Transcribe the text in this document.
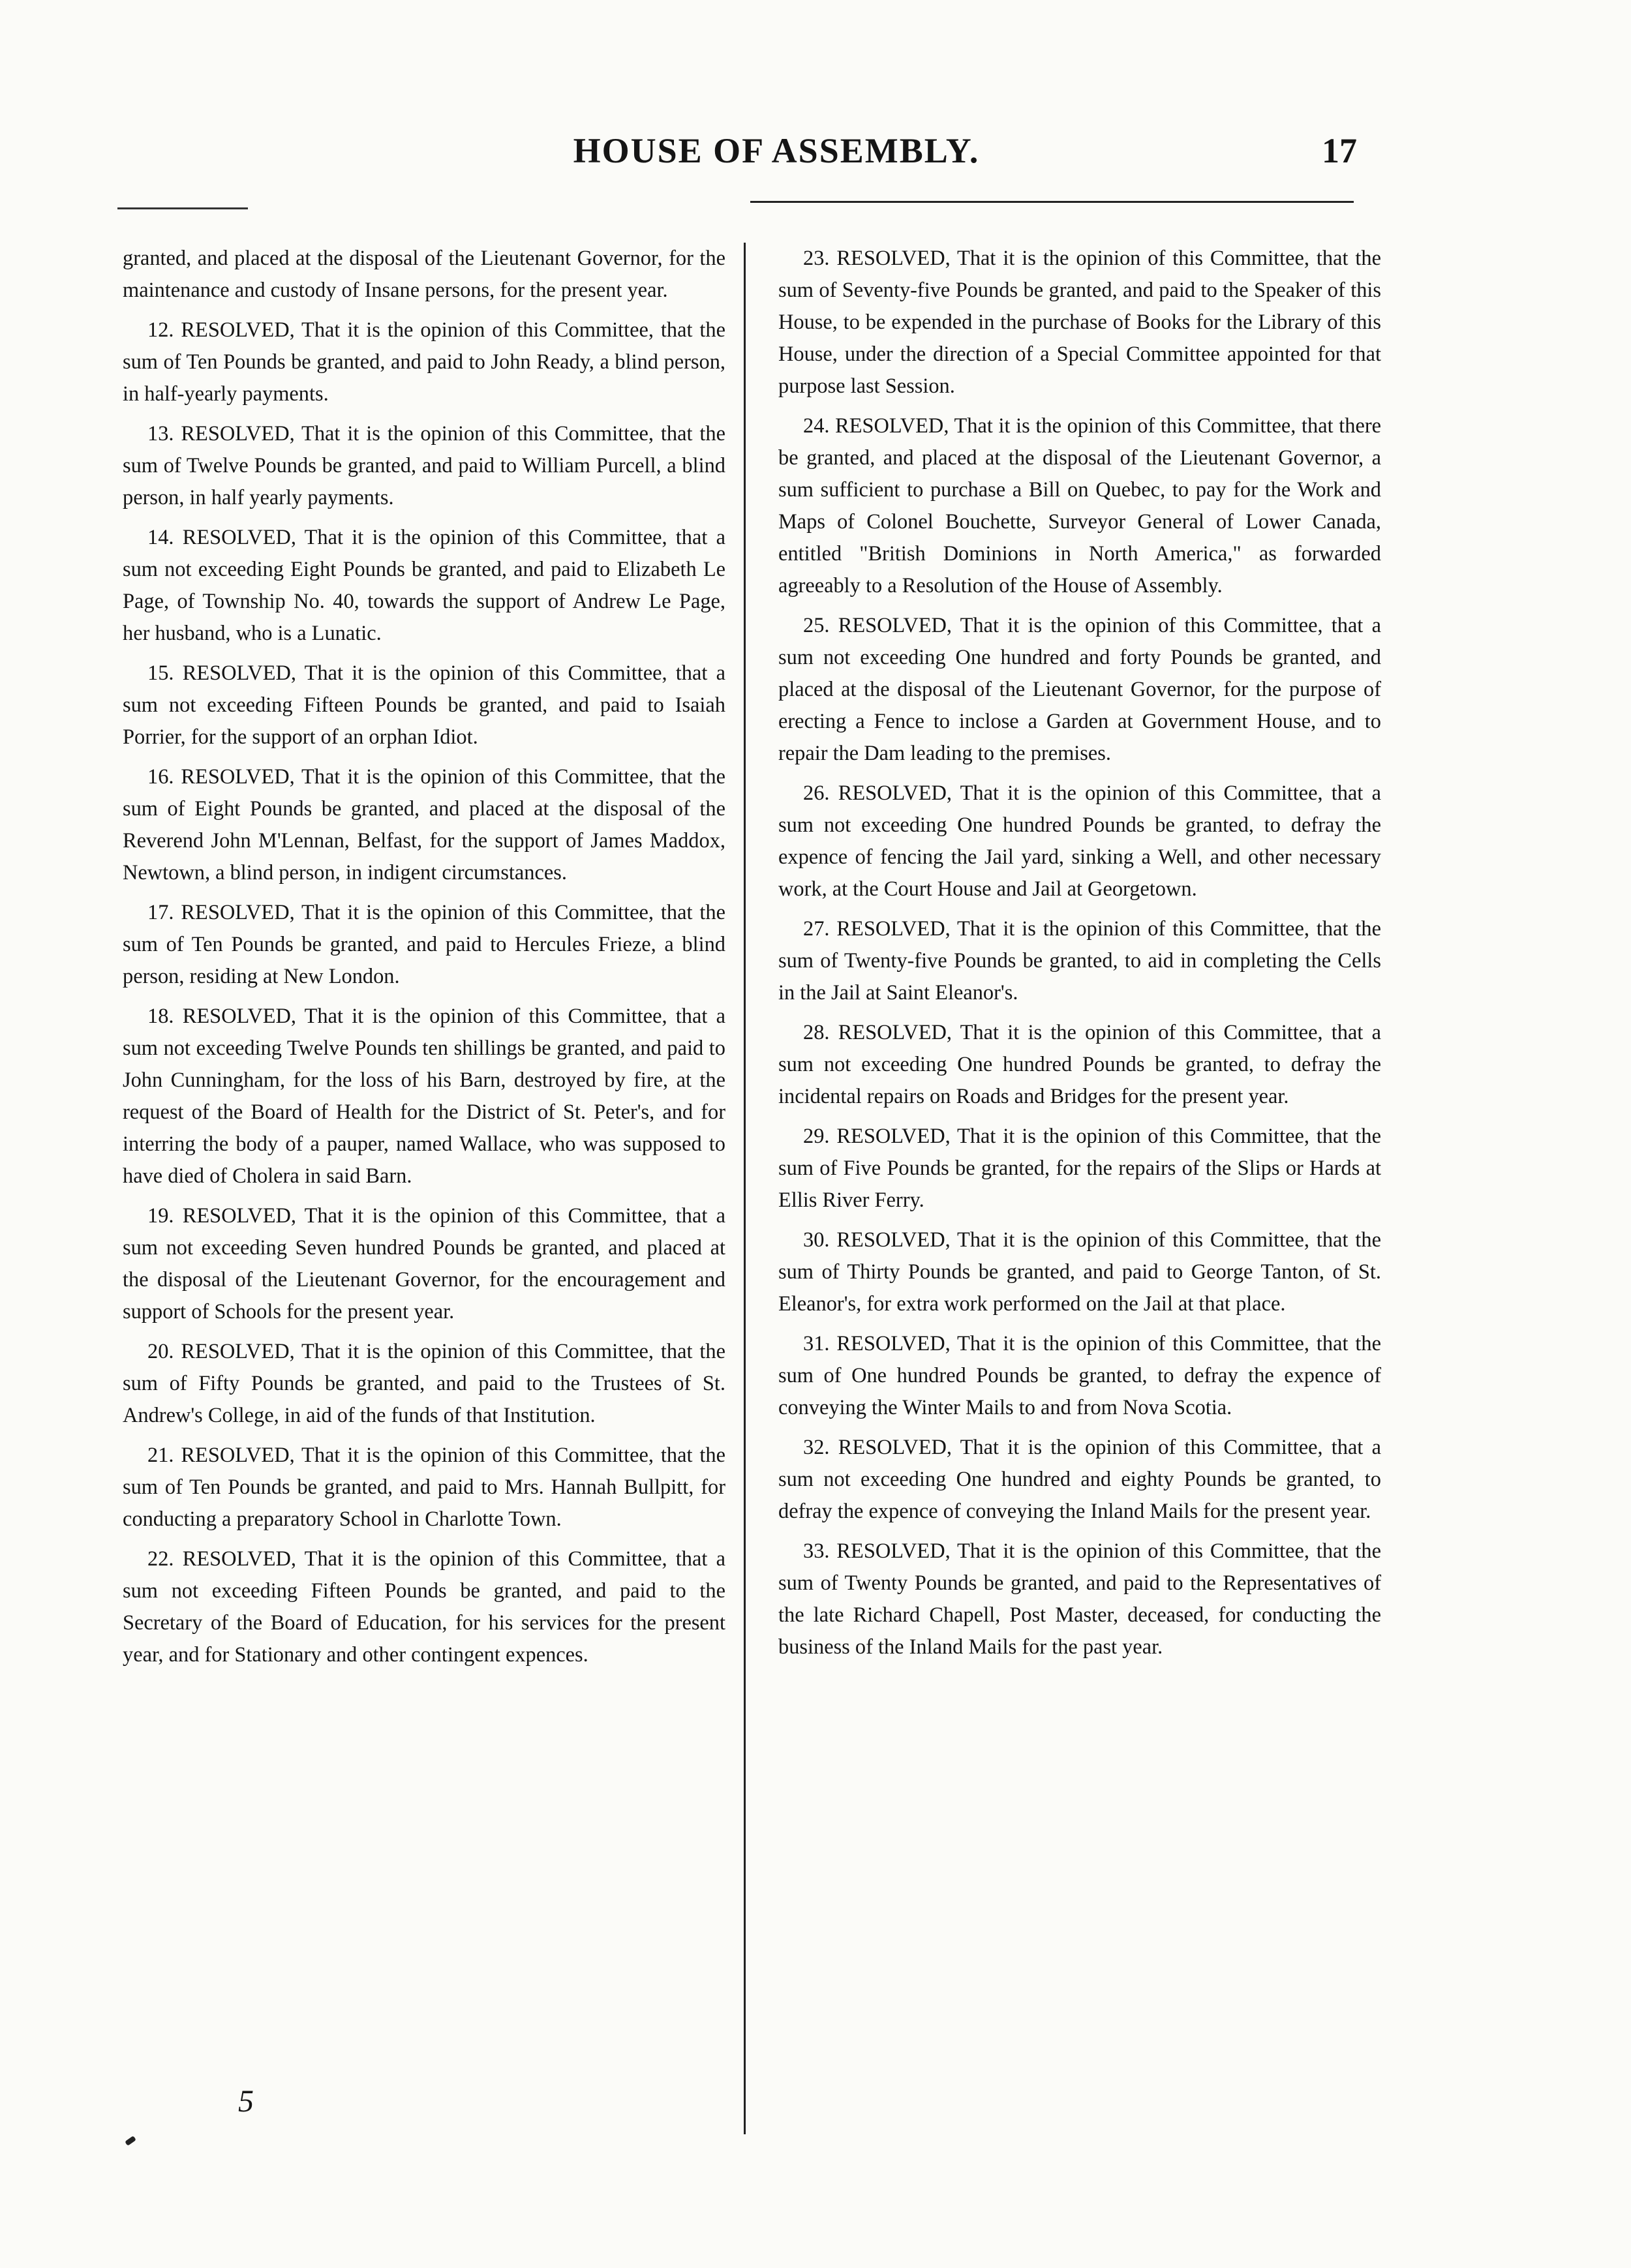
HOUSE OF ASSEMBLY.	17

granted, and placed at the disposal of the Lieutenant Governor, for the maintenance and custody of Insane persons, for the present year.

12. RESOLVED, That it is the opinion of this Committee, that the sum of Ten Pounds be granted, and paid to John Ready, a blind person, in half-yearly payments.

13. RESOLVED, That it is the opinion of this Committee, that the sum of Twelve Pounds be granted, and paid to William Purcell, a blind person, in half yearly payments.

14. RESOLVED, That it is the opinion of this Committee, that a sum not exceeding Eight Pounds be granted, and paid to Elizabeth Le Page, of Township No. 40, towards the support of Andrew Le Page, her husband, who is a Lunatic.

15. RESOLVED, That it is the opinion of this Committee, that a sum not exceeding Fifteen Pounds be granted, and paid to Isaiah Porrier, for the support of an orphan Idiot.

16. RESOLVED, That it is the opinion of this Committee, that the sum of Eight Pounds be granted, and placed at the disposal of the Reverend John M'Lennan, Belfast, for the support of James Maddox, Newtown, a blind person, in indigent circumstances.

17. RESOLVED, That it is the opinion of this Committee, that the sum of Ten Pounds be granted, and paid to Hercules Frieze, a blind person, residing at New London.

18. RESOLVED, That it is the opinion of this Committee, that a sum not exceeding Twelve Pounds ten shillings be granted, and paid to John Cunningham, for the loss of his Barn, destroyed by fire, at the request of the Board of Health for the District of St. Peter's, and for interring the body of a pauper, named Wallace, who was supposed to have died of Cholera in said Barn.

19. RESOLVED, That it is the opinion of this Committee, that a sum not exceeding Seven hundred Pounds be granted, and placed at the disposal of the Lieutenant Governor, for the encouragement and support of Schools for the present year.

20. RESOLVED, That it is the opinion of this Committee, that the sum of Fifty Pounds be granted, and paid to the Trustees of St. Andrew's College, in aid of the funds of that Institution.

21. RESOLVED, That it is the opinion of this Committee, that the sum of Ten Pounds be granted, and paid to Mrs. Hannah Bullpitt, for conducting a preparatory School in Charlotte Town.

22. RESOLVED, That it is the opinion of this Committee, that a sum not exceeding Fifteen Pounds be granted, and paid to the Secretary of the Board of Education, for his services for the present year, and for Stationary and other contingent expences.

23. RESOLVED, That it is the opinion of this Committee, that the sum of Seventy-five Pounds be granted, and paid to the Speaker of this House, to be expended in the purchase of Books for the Library of this House, under the direction of a Special Committee appointed for that purpose last Session.

24. RESOLVED, That it is the opinion of this Committee, that there be granted, and placed at the disposal of the Lieutenant Governor, a sum sufficient to purchase a Bill on Quebec, to pay for the Work and Maps of Colonel Bouchette, Surveyor General of Lower Canada, entitled "British Dominions in North America," as forwarded agreeably to a Resolution of the House of Assembly.

25. RESOLVED, That it is the opinion of this Committee, that a sum not exceeding One hundred and forty Pounds be granted, and placed at the disposal of the Lieutenant Governor, for the purpose of erecting a Fence to inclose a Garden at Government House, and to repair the Dam leading to the premises.

26. RESOLVED, That it is the opinion of this Committee, that a sum not exceeding One hundred Pounds be granted, to defray the expence of fencing the Jail yard, sinking a Well, and other necessary work, at the Court House and Jail at Georgetown.

27. RESOLVED, That it is the opinion of this Committee, that the sum of Twenty-five Pounds be granted, to aid in completing the Cells in the Jail at Saint Eleanor's.

28. RESOLVED, That it is the opinion of this Committee, that a sum not exceeding One hundred Pounds be granted, to defray the incidental repairs on Roads and Bridges for the present year.

29. RESOLVED, That it is the opinion of this Committee, that the sum of Five Pounds be granted, for the repairs of the Slips or Hards at Ellis River Ferry.

30. RESOLVED, That it is the opinion of this Committee, that the sum of Thirty Pounds be granted, and paid to George Tanton, of St. Eleanor's, for extra work performed on the Jail at that place.

31. RESOLVED, That it is the opinion of this Committee, that the sum of One hundred Pounds be granted, to defray the expence of conveying the Winter Mails to and from Nova Scotia.

32. RESOLVED, That it is the opinion of this Committee, that a sum not exceeding One hundred and eighty Pounds be granted, to defray the expence of conveying the Inland Mails for the present year.

33. RESOLVED, That it is the opinion of this Committee, that the sum of Twenty Pounds be granted, and paid to the Representatives of the late Richard Chapell, Post Master, deceased, for conducting the business of the Inland Mails for the past year.

5
